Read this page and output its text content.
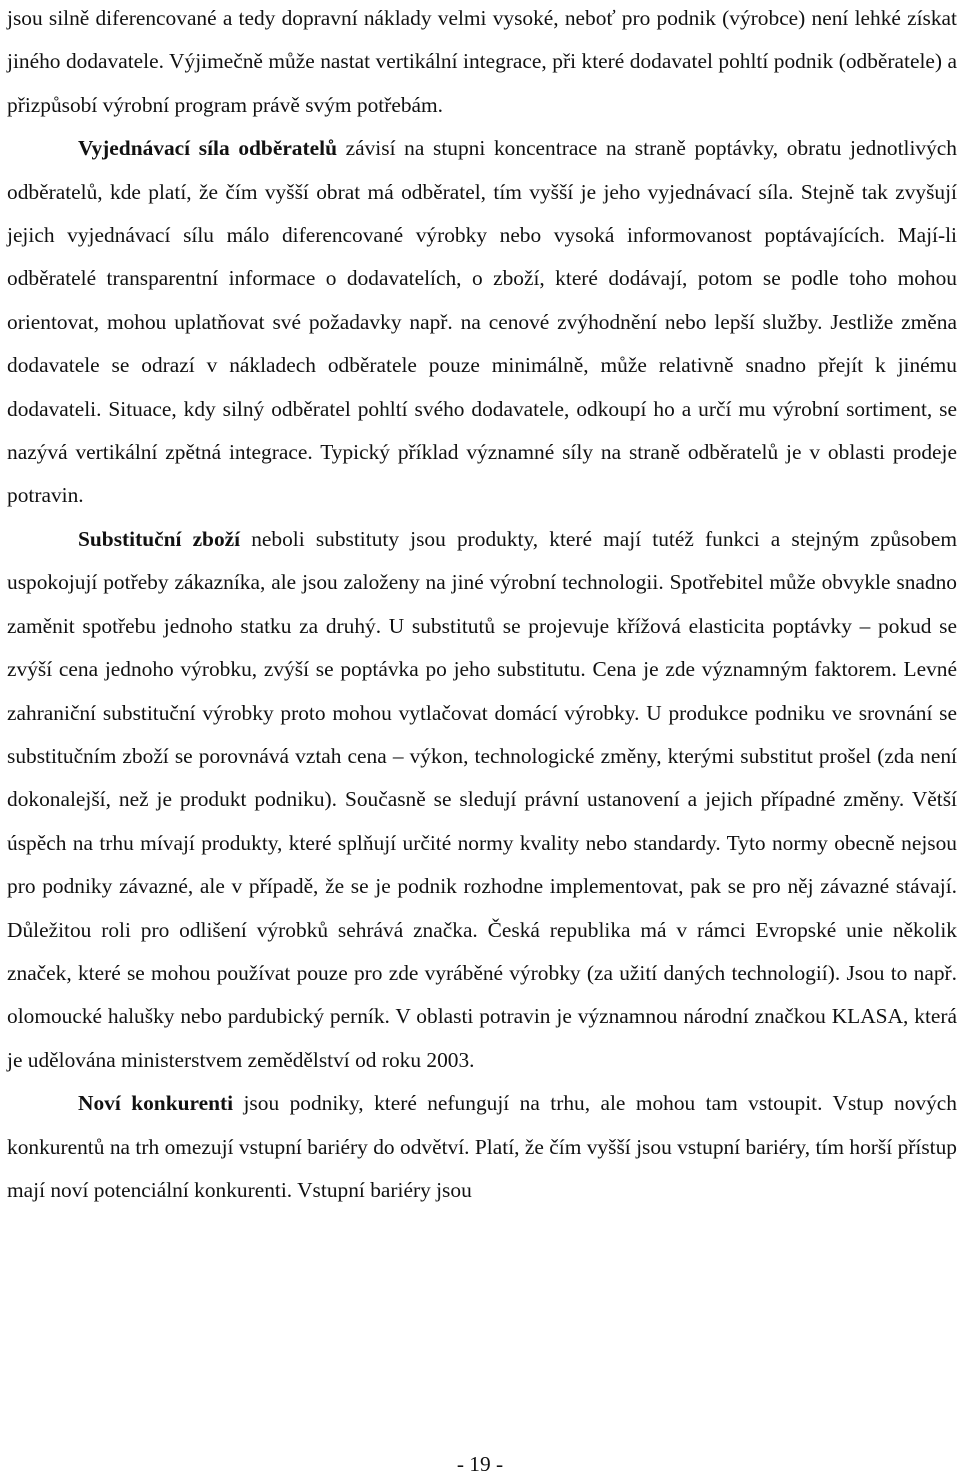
jsou silně diferencované a tedy dopravní náklady velmi vysoké, neboť pro podnik (výrobce) není lehké získat jiného dodavatele. Výjimečně může nastat vertikální integrace, při které dodavatel pohltí podnik (odběratele) a přizpůsobí výrobní program právě svým potřebám.

Vyjednávací síla odběratelů závisí na stupni koncentrace na straně poptávky, obratu jednotlivých odběratelů, kde platí, že čím vyšší obrat má odběratel, tím vyšší je jeho vyjednávací síla. Stejně tak zvyšují jejich vyjednávací sílu málo diferencované výrobky nebo vysoká informovanost poptávajících. Mají-li odběratelé transparentní informace o dodavatelích, o zboží, které dodávají, potom se podle toho mohou orientovat, mohou uplatňovat své požadavky např. na cenové zvýhodnění nebo lepší služby. Jestliže změna dodavatele se odrazí v nákladech odběratele pouze minimálně, může relativně snadno přejít k jinému dodavateli. Situace, kdy silný odběratel pohltí svého dodavatele, odkoupí ho a určí mu výrobní sortiment, se nazývá vertikální zpětná integrace. Typický příklad významné síly na straně odběratelů je v oblasti prodeje potravin.

Substituční zboží neboli substituty jsou produkty, které mají tutéž funkci a stejným způsobem uspokojují potřeby zákazníka, ale jsou založeny na jiné výrobní technologii. Spotřebitel může obvykle snadno zaměnit spotřebu jednoho statku za druhý. U substitutů se projevuje křížová elasticita poptávky – pokud se zvýší cena jednoho výrobku, zvýší se poptávka po jeho substitutu. Cena je zde významným faktorem. Levné zahraniční substituční výrobky proto mohou vytlačovat domácí výrobky. U produkce podniku ve srovnání se substitučním zboží se porovnává vztah cena – výkon, technologické změny, kterými substitut prošel (zda není dokonalejší, než je produkt podniku). Současně se sledují právní ustanovení a jejich případné změny. Větší úspěch na trhu mívají produkty, které splňují určité normy kvality nebo standardy. Tyto normy obecně nejsou pro podniky závazné, ale v případě, že se je podnik rozhodne implementovat, pak se pro něj závazné stávají. Důležitou roli pro odlišení výrobků sehrává značka. Česká republika má v rámci Evropské unie několik značek, které se mohou používat pouze pro zde vyráběné výrobky (za užití daných technologií). Jsou to např. olomoucké halušky nebo pardubický perník. V oblasti potravin je významnou národní značkou KLASA, která je udělována ministerstvem zemědělství od roku 2003.

Noví konkurenti jsou podniky, které nefungují na trhu, ale mohou tam vstoupit. Vstup nových konkurentů na trh omezují vstupní bariéry do odvětví. Platí, že čím vyšší jsou vstupní bariéry, tím horší přístup mají noví potenciální konkurenti. Vstupní bariéry jsou

- 19 -
